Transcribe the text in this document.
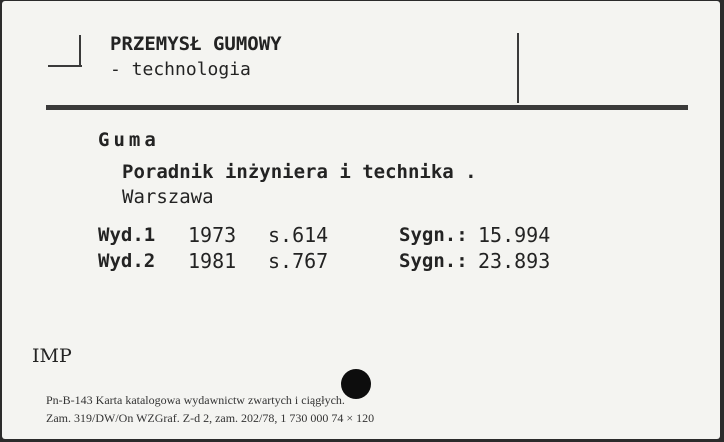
PRZEMYSŁ GUMOWY
- technologia
Guma
Poradnik inżyniera i technika .
Warszawa
Wyd.1 1973 s.614	Sygn.: 15.994
Wyd.2 1981 s.767	Sygn.: 23.893
IMP
Pn-B-143 Karta katalogowa wydawnictw zwartych i ciągłych.
Zam. 319/DW/On WZGraf. Z-d 2, zam. 202/78, 1 730 000 74 × 120
